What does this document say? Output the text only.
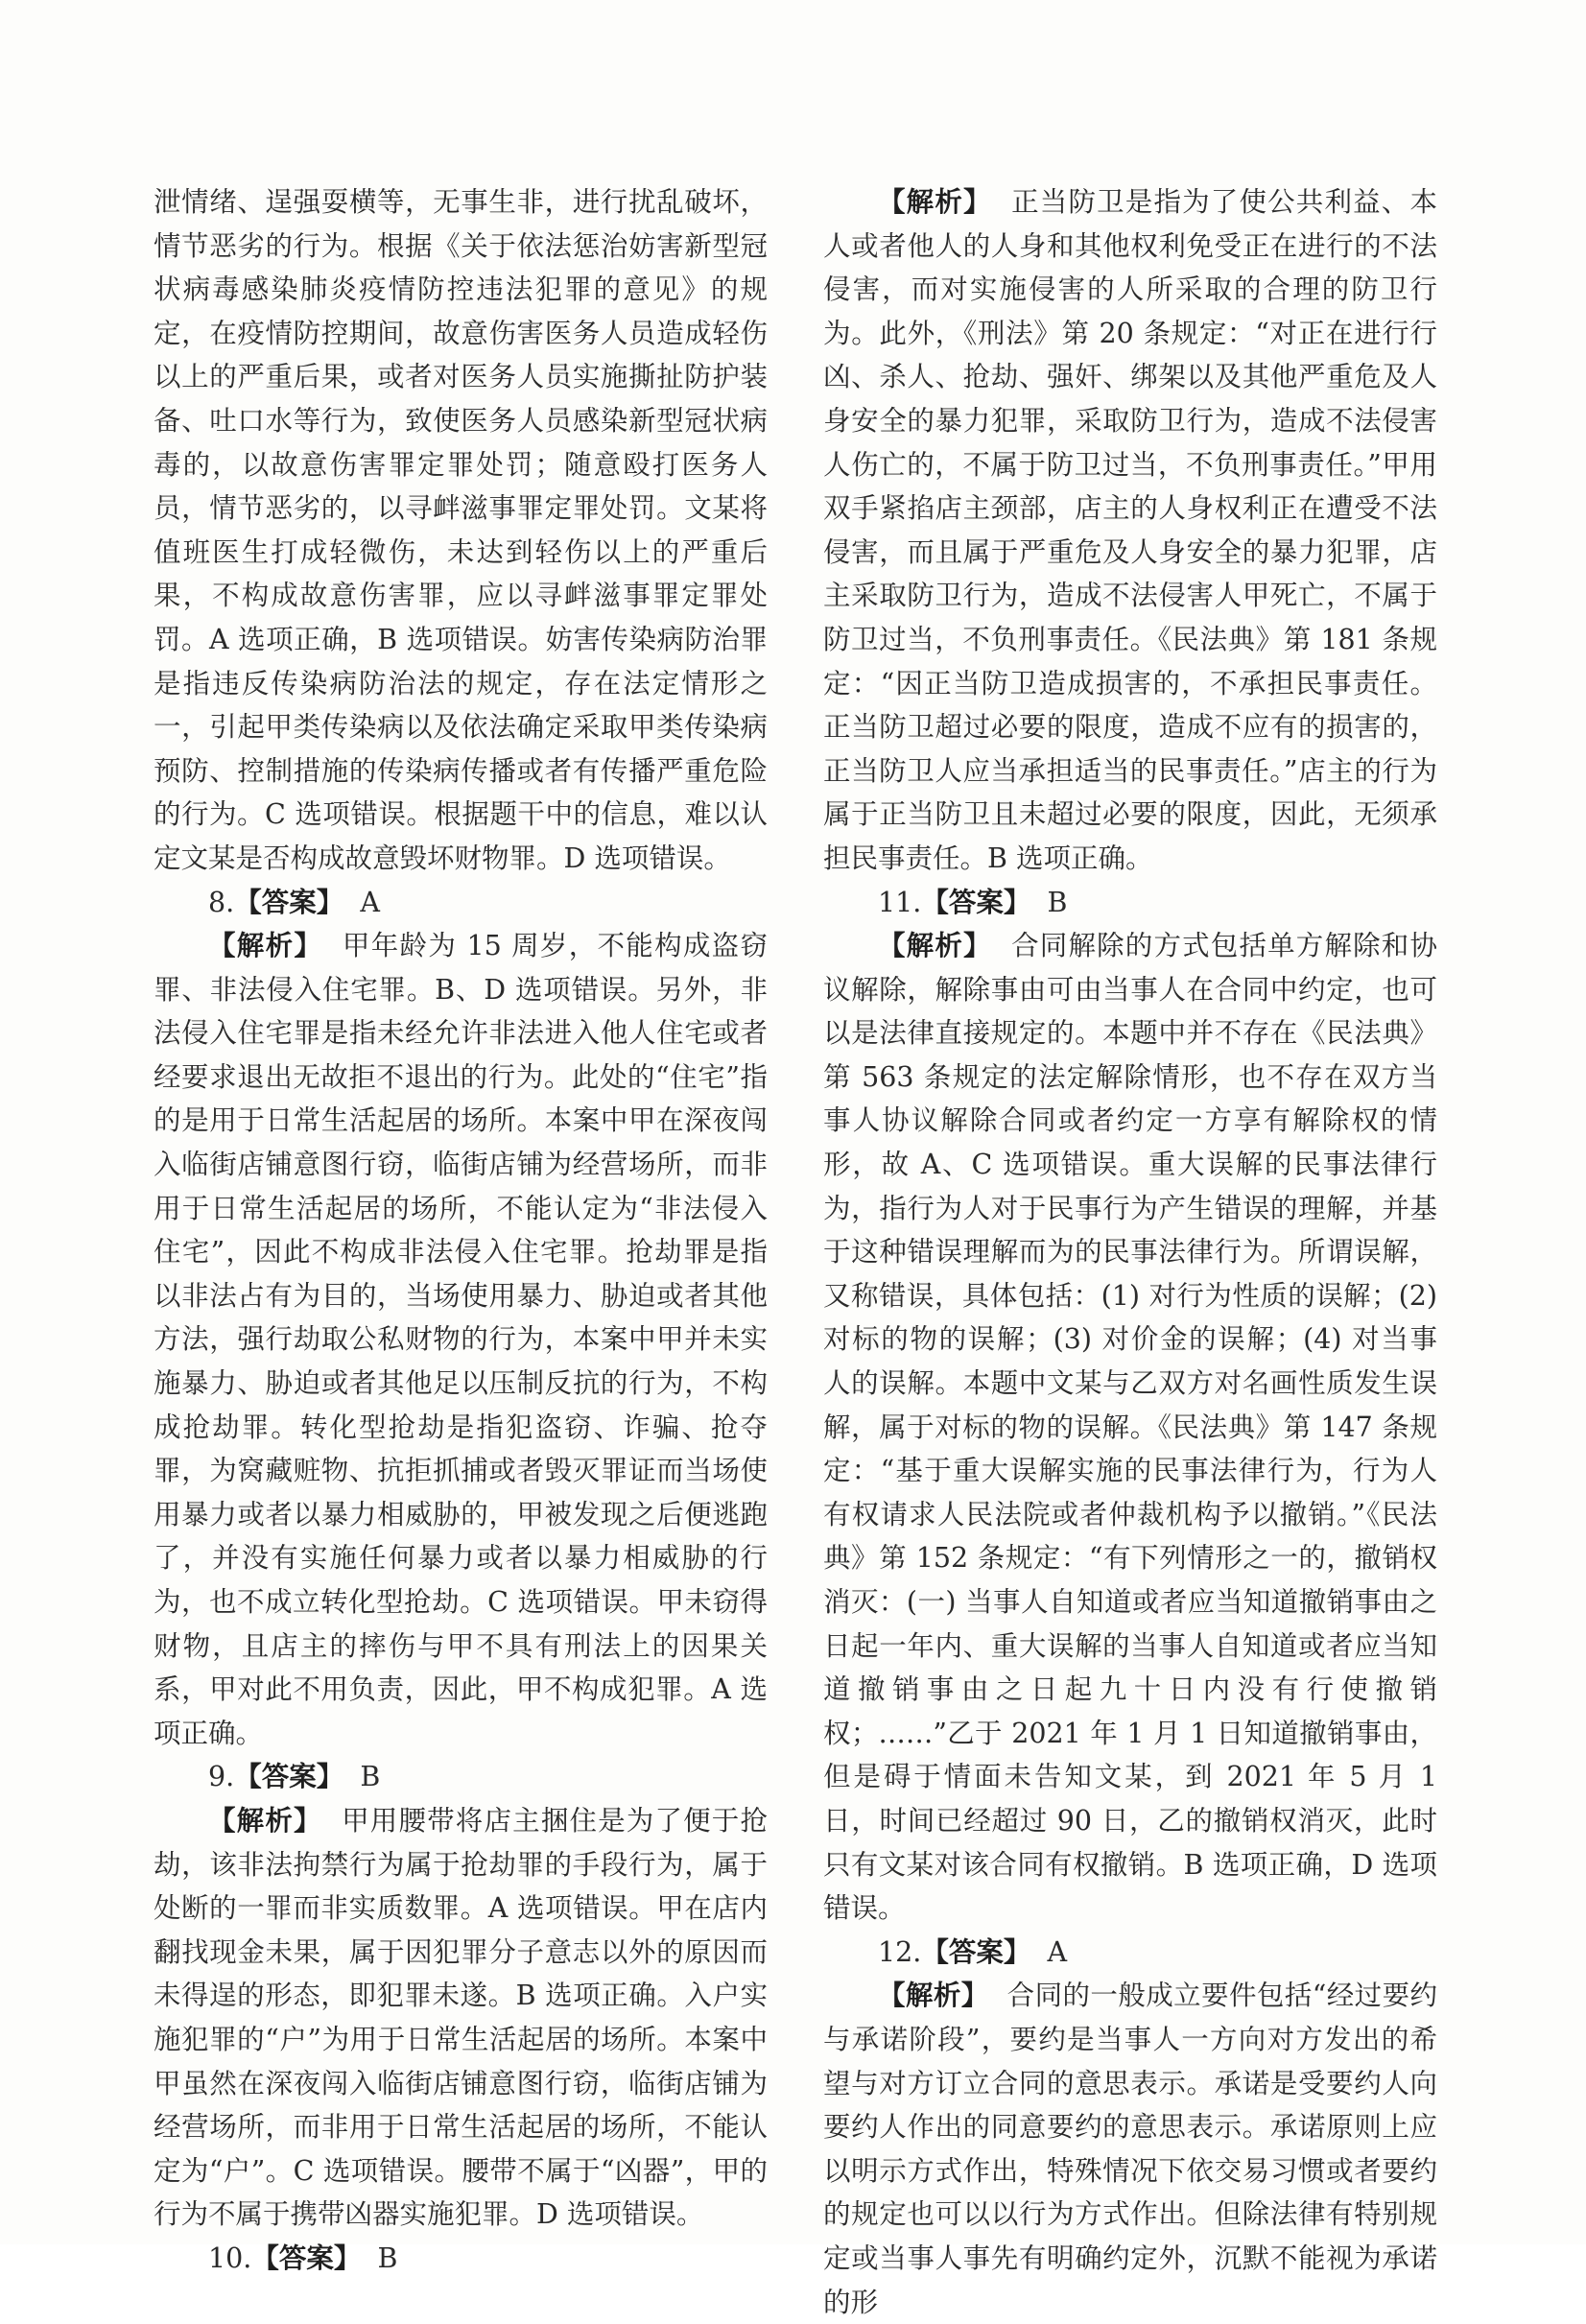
泄情绪、逞强耍横等，无事生非，进行扰乱破坏，情节恶劣的行为。根据《关于依法惩治妨害新型冠状病毒感染肺炎疫情防控违法犯罪的意见》的规定，在疫情防控期间，故意伤害医务人员造成轻伤以上的严重后果，或者对医务人员实施撕扯防护装备、吐口水等行为，致使医务人员感染新型冠状病毒的，以故意伤害罪定罪处罚；随意殴打医务人员，情节恶劣的，以寻衅滋事罪定罪处罚。文某将值班医生打成轻微伤，未达到轻伤以上的严重后果，不构成故意伤害罪，应以寻衅滋事罪定罪处罚。A 选项正确，B 选项错误。妨害传染病防治罪是指违反传染病防治法的规定，存在法定情形之一，引起甲类传染病以及依法确定采取甲类传染病预防、控制措施的传染病传播或者有传播严重危险的行为。C 选项错误。根据题干中的信息，难以认定文某是否构成故意毁坏财物罪。D 选项错误。

8.【答案】 A

【解析】 甲年龄为 15 周岁，不能构成盗窃罪、非法侵入住宅罪。B、D 选项错误。另外，非法侵入住宅罪是指未经允许非法进入他人住宅或者经要求退出无故拒不退出的行为。此处的“住宅”指的是用于日常生活起居的场所。本案中甲在深夜闯入临街店铺意图行窃，临街店铺为经营场所，而非用于日常生活起居的场所，不能认定为“非法侵入住宅”，因此不构成非法侵入住宅罪。抢劫罪是指以非法占有为目的，当场使用暴力、胁迫或者其他方法，强行劫取公私财物的行为，本案中甲并未实施暴力、胁迫或者其他足以压制反抗的行为，不构成抢劫罪。转化型抢劫是指犯盗窃、诈骗、抢夺罪，为窝藏赃物、抗拒抓捕或者毁灭罪证而当场使用暴力或者以暴力相威胁的，甲被发现之后便逃跑了，并没有实施任何暴力或者以暴力相威胁的行为，也不成立转化型抢劫。C 选项错误。甲未窃得财物，且店主的摔伤与甲不具有刑法上的因果关系，甲对此不用负责，因此，甲不构成犯罪。A 选项正确。

9.【答案】 B

【解析】 甲用腰带将店主捆住是为了便于抢劫，该非法拘禁行为属于抢劫罪的手段行为，属于处断的一罪而非实质数罪。A 选项错误。甲在店内翻找现金未果，属于因犯罪分子意志以外的原因而未得逞的形态，即犯罪未遂。B 选项正确。入户实施犯罪的“户”为用于日常生活起居的场所。本案中甲虽然在深夜闯入临街店铺意图行窃，临街店铺为经营场所，而非用于日常生活起居的场所，不能认定为“户”。C 选项错误。腰带不属于“凶器”，甲的行为不属于携带凶器实施犯罪。D 选项错误。

10.【答案】 B

【解析】 正当防卫是指为了使公共利益、本人或者他人的人身和其他权利免受正在进行的不法侵害，而对实施侵害的人所采取的合理的防卫行为。此外，《刑法》第 20 条规定：“对正在进行行凶、杀人、抢劫、强奸、绑架以及其他严重危及人身安全的暴力犯罪，采取防卫行为，造成不法侵害人伤亡的，不属于防卫过当，不负刑事责任。”甲用双手紧掐店主颈部，店主的人身权利正在遭受不法侵害，而且属于严重危及人身安全的暴力犯罪，店主采取防卫行为，造成不法侵害人甲死亡，不属于防卫过当，不负刑事责任。《民法典》第 181 条规定：“因正当防卫造成损害的，不承担民事责任。正当防卫超过必要的限度，造成不应有的损害的，正当防卫人应当承担适当的民事责任。”店主的行为属于正当防卫且未超过必要的限度，因此，无须承担民事责任。B 选项正确。

11.【答案】 B

【解析】 合同解除的方式包括单方解除和协议解除，解除事由可由当事人在合同中约定，也可以是法律直接规定的。本题中并不存在《民法典》第 563 条规定的法定解除情形，也不存在双方当事人协议解除合同或者约定一方享有解除权的情形，故 A、C 选项错误。重大误解的民事法律行为，指行为人对于民事行为产生错误的理解，并基于这种错误理解而为的民事法律行为。所谓误解，又称错误，具体包括：(1) 对行为性质的误解；(2) 对标的物的误解；(3) 对价金的误解；(4) 对当事人的误解。本题中文某与乙双方对名画性质发生误解，属于对标的物的误解。《民法典》第 147 条规定：“基于重大误解实施的民事法律行为，行为人有权请求人民法院或者仲裁机构予以撤销。”《民法典》第 152 条规定：“有下列情形之一的，撤销权消灭：(一) 当事人自知道或者应当知道撤销事由之日起一年内、重大误解的当事人自知道或者应当知道撤销事由之日起九十日内没有行使撤销权；……”乙于 2021 年 1 月 1 日知道撤销事由，但是碍于情面未告知文某，到 2021 年 5 月 1 日，时间已经超过 90 日，乙的撤销权消灭，此时只有文某对该合同有权撤销。B 选项正确，D 选项错误。

12.【答案】 A

【解析】 合同的一般成立要件包括“经过要约与承诺阶段”，要约是当事人一方向对方发出的希望与对方订立合同的意思表示。承诺是受要约人向要约人作出的同意要约的意思表示。承诺原则上应以明示方式作出，特殊情况下依交易习惯或者要约的规定也可以以行为方式作出。但除法律有特别规定或当事人事先有明确约定外，沉默不能视为承诺的形
